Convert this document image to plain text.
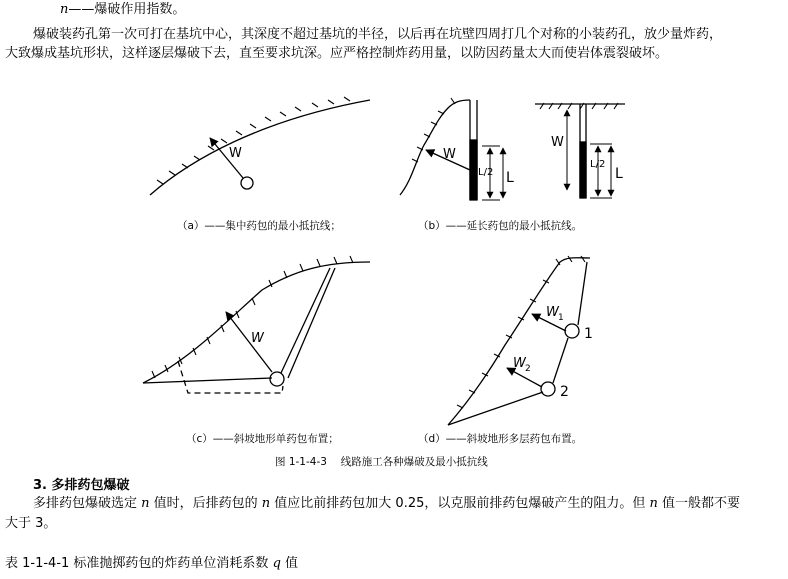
n——爆破作用指数。
爆破装药孔第一次可打在基坑中心，其深度不超过基坑的半径，以后再在坑壁四周打几个对称的小装药孔，放少量炸药，
大致爆成基坑形状，这样逐层爆破下去，直至要求坑深。应严格控制炸药用量，以防因药量太大而使岩体震裂破坏。
W	W
L/2 L
W
L/2
L
W
W 1
W 2
1
2
（a）——集中药包的最小抵抗线；	（b）——延长药包的最小抵抗线。
（c）——斜坡地形单药包布置；	（d）——斜坡地形多层药包布置。
图 1-1-4-3　 线路施工各种爆破及最小抵抗线
3. 多排药包爆破
多排药包爆破选定 n 值时，后排药包的 n 值应比前排药包加大 0.25，以克服前排药包爆破产生的阻力。但 n 值一般都不要
大于 3。
表 1-1-4-1 标准抛掷药包的炸药单位消耗系数 q 值
